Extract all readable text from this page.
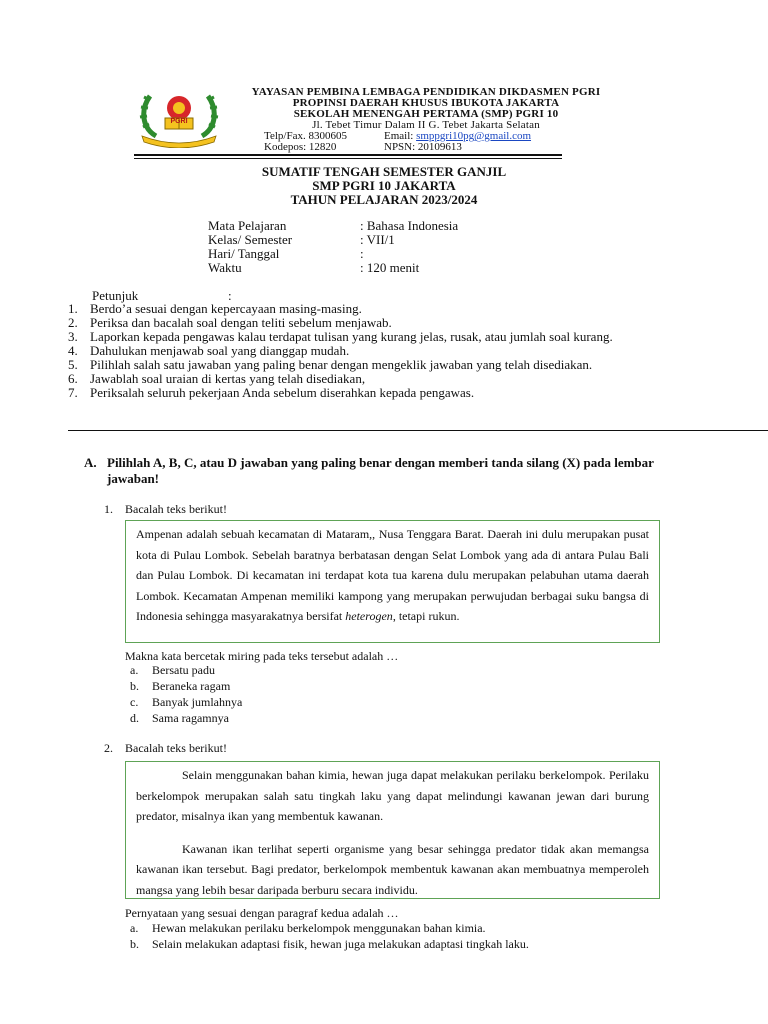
PGRI
YAYASAN PEMBINA LEMBAGA PENDIDIKAN DIKDASMEN PGRI
PROPINSI DAERAH KHUSUS IBUKOTA JAKARTA
SEKOLAH MENENGAH PERTAMA (SMP) PGRI 10
Jl. Tebet Timur Dalam II G. Tebet Jakarta Selatan
Telp/Fax. 8300605	Email: smppgri10pg@gmail.com
Kodepos: 12820	NPSN: 20109613
SUMATIF TENGAH SEMESTER GANJIL
SMP PGRI 10 JAKARTA
TAHUN PELAJARAN 2023/2024
Mata Pelajaran	: Bahasa Indonesia
Kelas/ Semester	: VII/1
Hari/ Tanggal	:
Waktu	: 120 menit
Petunjuk	:
1. Berdo’a sesuai dengan kepercayaan masing-masing.
2. Periksa dan bacalah soal dengan teliti sebelum menjawab.
3. Laporkan kepada pengawas kalau terdapat tulisan yang kurang jelas, rusak, atau jumlah soal kurang.
4. Dahulukan menjawab soal yang dianggap mudah.
5. Pilihlah salah satu jawaban yang paling benar dengan mengeklik jawaban yang telah disediakan.
6. Jawablah soal uraian di kertas yang telah disediakan,
7. Periksalah seluruh pekerjaan Anda sebelum diserahkan kepada pengawas.
A. Pilihlah A, B, C, atau D jawaban yang paling benar dengan memberi tanda silang (X) pada lembar jawaban!
1. Bacalah teks berikut!

Ampenan adalah sebuah kecamatan di Mataram,, Nusa Tenggara Barat. Daerah ini dulu merupakan pusat kota di Pulau Lombok. Sebelah baratnya berbatasan dengan Selat Lombok yang ada di antara Pulau Bali dan Pulau Lombok. Di kecamatan ini terdapat kota tua karena dulu merupakan pelabuhan utama daerah Lombok. Kecamatan Ampenan memiliki kampong yang merupakan perwujudan berbagai suku bangsa di Indonesia sehingga masyarakatnya bersifat heterogen, tetapi rukun.

Makna kata bercetak miring pada teks tersebut adalah …
a. Bersatu padu
b. Beraneka ragam
c. Banyak jumlahnya
d. Sama ragamnya
2. Bacalah teks berikut!

Selain menggunakan bahan kimia, hewan juga dapat melakukan perilaku berkelompok. Perilaku berkelompok merupakan salah satu tingkah laku yang dapat melindungi kawanan jewan dari burung predator, misalnya ikan yang membentuk kawanan.

Kawanan ikan terlihat seperti organisme yang besar sehingga predator tidak akan memangsa kawanan ikan tersebut. Bagi predator, berkelompok membentuk kawanan akan membuatnya memperoleh mangsa yang lebih besar daripada berburu secara individu.

Pernyataan yang sesuai dengan paragraf kedua adalah …
a. Hewan melakukan perilaku berkelompok menggunakan bahan kimia.
b. Selain melakukan adaptasi fisik, hewan juga melakukan adaptasi tingkah laku.
